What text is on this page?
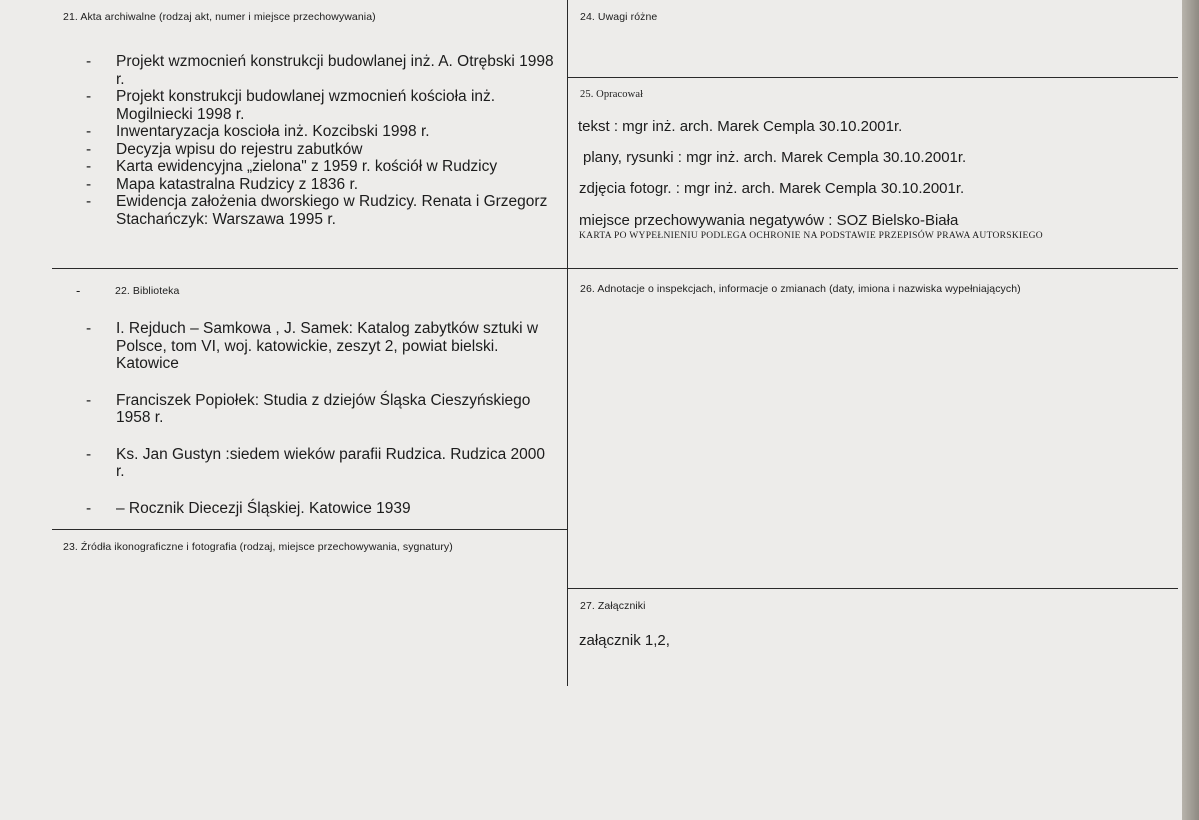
21. Akta archiwalne (rodzaj akt, numer i miejsce przechowywania)
- Projekt wzmocnień konstrukcji budowlanej inż. A. Otrębski 1998 r.
- Projekt konstrukcji budowlanej wzmocnień kościoła inż. Mogilniecki 1998 r.
- Inwentaryzacja koscioła inż. Kozcibski 1998 r.
- Decyzja wpisu do rejestru zabutków
- Karta ewidencyjna „zielona" z 1959 r. kościół w Rudzicy
- Mapa katastralna Rudzicy z 1836 r.
- Ewidencja założenia dworskiego w Rudzicy. Renata i Grzegorz Stachańczyk: Warszawa 1995 r.
-	22. Biblioteka
- I. Rejduch – Samkowa , J. Samek: Katalog zabytków sztuki w Polsce, tom VI, woj. katowickie, zeszyt 2, powiat bielski. Katowice
- Franciszek Popiołek: Studia z dziejów Śląska Cieszyńskiego 1958 r.
- Ks. Jan Gustyn :siedem wieków parafii Rudzica. Rudzica 2000 r.
- – Rocznik Diecezji Śląskiej. Katowice 1939
23. Źródła ikonograficzne i fotografia (rodzaj, miejsce przechowywania, sygnatury)
24. Uwagi różne
25. Opracował
tekst : mgr inż. arch. Marek Cempla 30.10.2001r.
plany, rysunki : mgr inż. arch. Marek Cempla 30.10.2001r.
zdjęcia fotogr. : mgr inż. arch. Marek Cempla 30.10.2001r.
miejsce przechowywania negatywów : SOZ Bielsko-Biała
KARTA PO WYPEŁNIENIU PODLEGA OCHRONIE NA PODSTAWIE PRZEPISÓW PRAWA AUTORSKIEGO
26. Adnotacje o inspekcjach, informacje o zmianach (daty, imiona i nazwiska wypełniających)
27. Załączniki
załącznik 1,2,
